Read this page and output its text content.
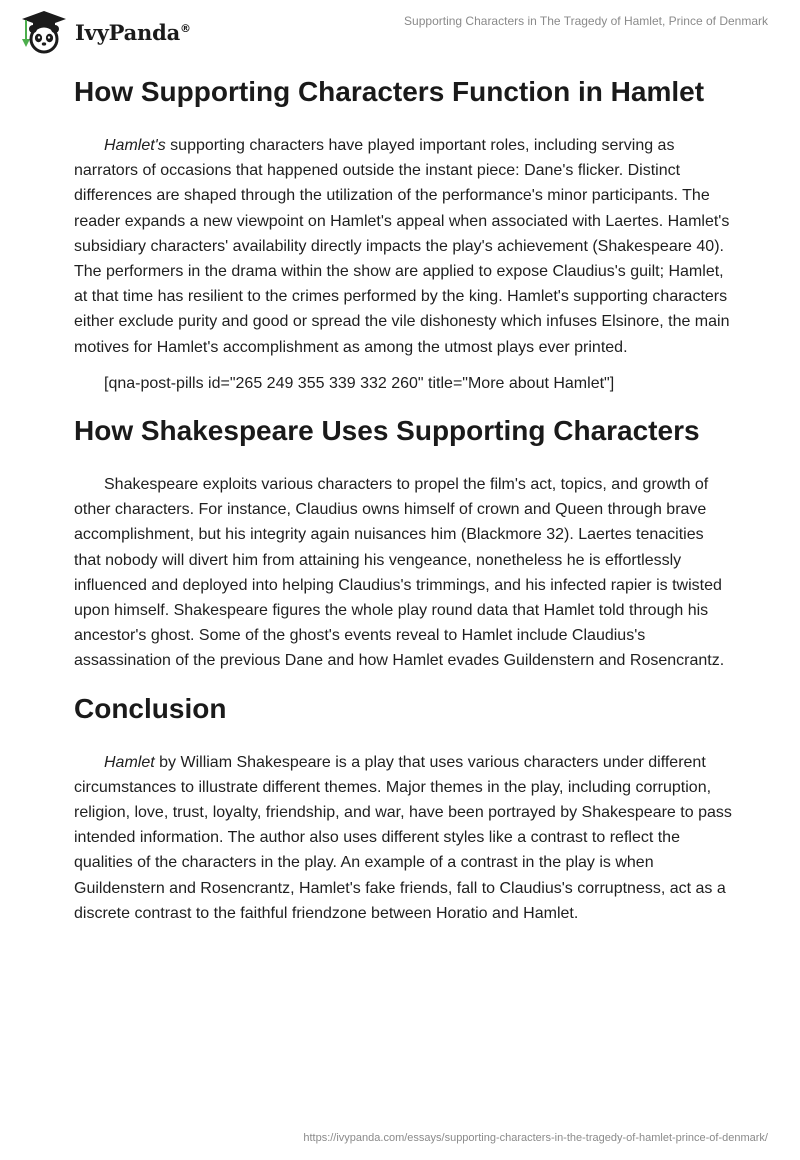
IvyPanda®	Supporting Characters in The Tragedy of Hamlet, Prince of Denmark
How Supporting Characters Function in Hamlet

Hamlet's supporting characters have played important roles, including serving as narrators of occasions that happened outside the instant piece: Dane's flicker. Distinct differences are shaped through the utilization of the performance's minor participants. The reader expands a new viewpoint on Hamlet's appeal when associated with Laertes. Hamlet's subsidiary characters' availability directly impacts the play's achievement (Shakespeare 40). The performers in the drama within the show are applied to expose Claudius's guilt; Hamlet, at that time has resilient to the crimes performed by the king. Hamlet's supporting characters either exclude purity and good or spread the vile dishonesty which infuses Elsinore, the main motives for Hamlet's accomplishment as among the utmost plays ever printed.

[qna-post-pills id="265 249 355 339 332 260" title="More about Hamlet"]

How Shakespeare Uses Supporting Characters

Shakespeare exploits various characters to propel the film's act, topics, and growth of other characters. For instance, Claudius owns himself of crown and Queen through brave accomplishment, but his integrity again nuisances him (Blackmore 32). Laertes tenacities that nobody will divert him from attaining his vengeance, nonetheless he is effortlessly influenced and deployed into helping Claudius's trimmings, and his infected rapier is twisted upon himself. Shakespeare figures the whole play round data that Hamlet told through his ancestor's ghost. Some of the ghost's events reveal to Hamlet include Claudius's assassination of the previous Dane and how Hamlet evades Guildenstern and Rosencrantz.

Conclusion

Hamlet by William Shakespeare is a play that uses various characters under different circumstances to illustrate different themes. Major themes in the play, including corruption, religion, love, trust, loyalty, friendship, and war, have been portrayed by Shakespeare to pass intended information. The author also uses different styles like a contrast to reflect the qualities of the characters in the play. An example of a contrast in the play is when Guildenstern and Rosencrantz, Hamlet's fake friends, fall to Claudius's corruptness, act as a discrete contrast to the faithful friendzone between Horatio and Hamlet.

https://ivypanda.com/essays/supporting-characters-in-the-tragedy-of-hamlet-prince-of-denmark/
